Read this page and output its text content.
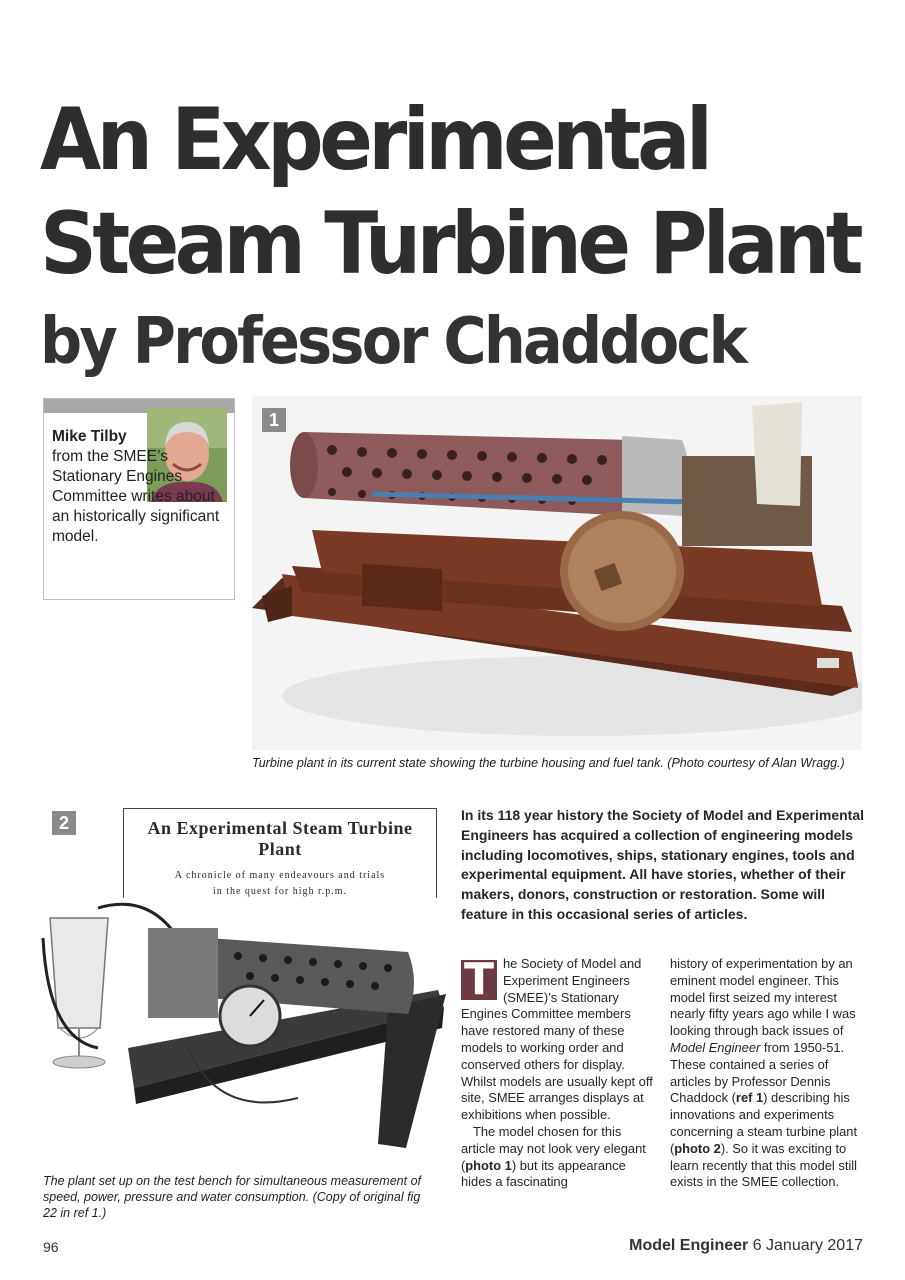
An Experimental
Steam Turbine Plant
by Professor Chaddock
Mike Tilby
from the SMEE’s Stationary Engines Committee writes about an historically significant model.
1
Turbine plant in its current state showing the turbine housing and fuel tank. (Photo courtesy of Alan Wragg.)
2	An Experimental Steam Turbine Plant
A chronicle of many endeavours and trials
in the quest for high r.p.m.
The plant set up on the test bench for simultaneous measurement of speed, power, pressure and water consumption. (Copy of original fig 22 in ref 1.)

In its 118 year history the Society of Model and Experimental Engineers has acquired a collection of engineering models including locomotives, ships, stationary engines, tools and experimental equipment. All have stories, whether of their makers, donors, construction or restoration. Some will feature in this occasional series of articles.

T he Society of Model and Experiment Engineers (SMEE)’s Stationary Engines Committee members have restored many of these models to working order and conserved others for display. Whilst models are usually kept off site, SMEE arranges displays at exhibitions when possible.

The model chosen for this article may not look very elegant (photo 1) but its appearance hides a fascinating

history of experimentation by an eminent model engineer. This model first seized my interest nearly fifty years ago while I was looking through back issues of Model Engineer from 1950-51. These contained a series of articles by Professor Dennis Chaddock (ref 1) describing his innovations and experiments concerning a steam turbine plant (photo 2). So it was exciting to learn recently that this model still exists in the SMEE collection.

96	Model Engineer 6 January 2017
